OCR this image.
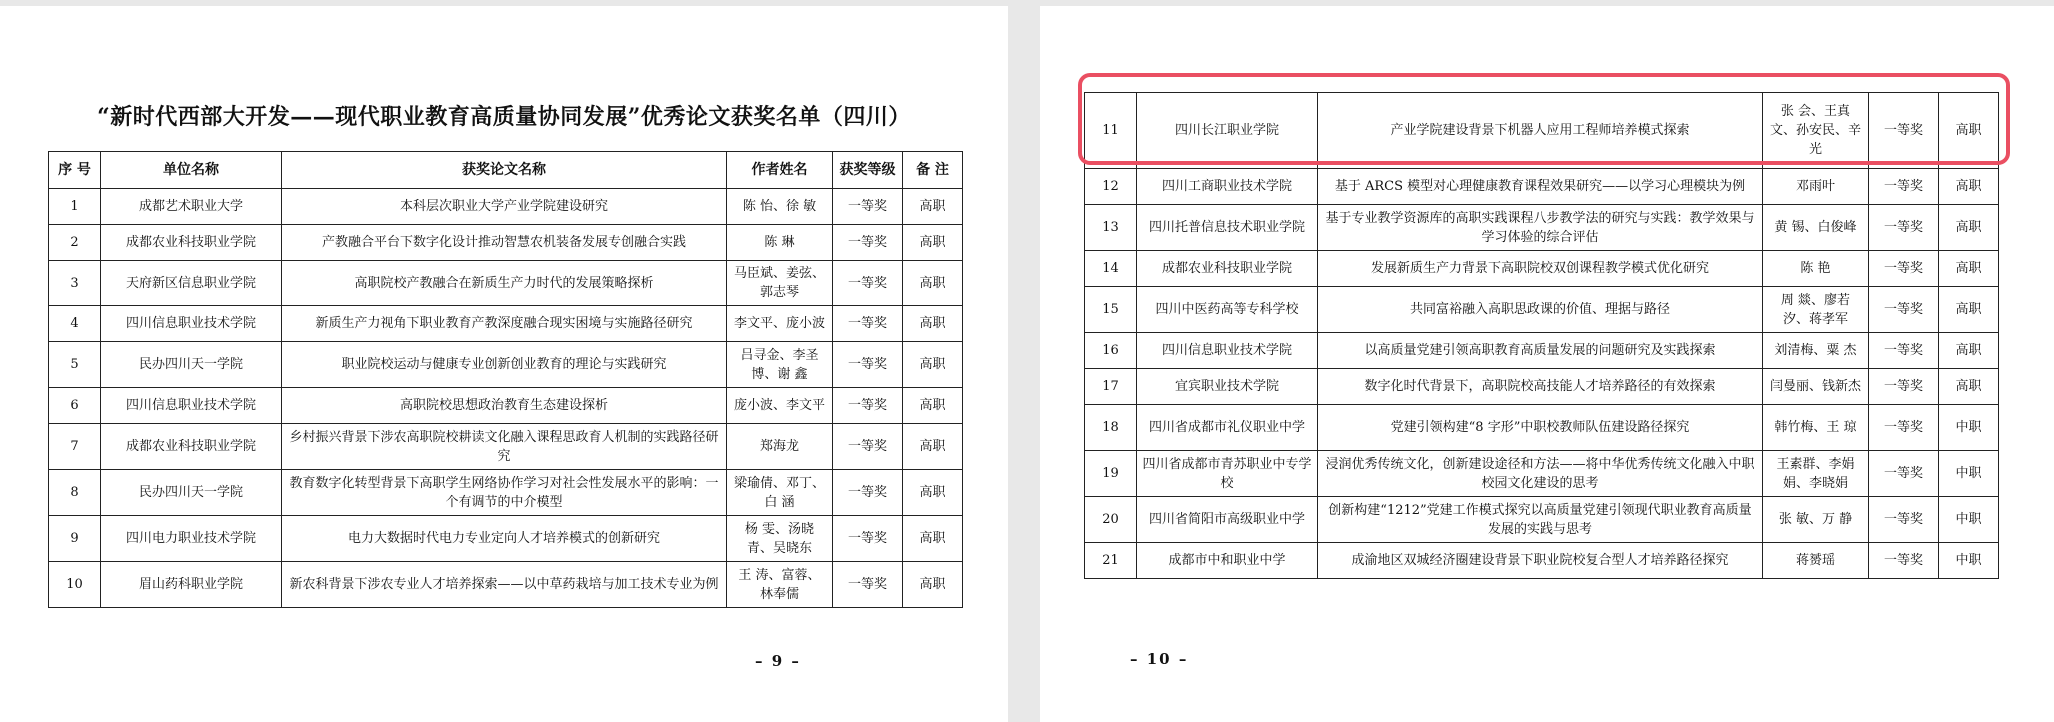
“新时代西部大开发——现代职业教育高质量协同发展”优秀论文获奖名单（四川）
序 号	单位名称	获奖论文名称	作者姓名	获奖等级	备 注
1	成都艺术职业大学	本科层次职业大学产业学院建设研究	陈 怡、徐 敏	一等奖	高职
2	成都农业科技职业学院	产教融合平台下数字化设计推动智慧农机装备发展专创融合实践	陈 琳	一等奖	高职
3	天府新区信息职业学院	高职院校产教融合在新质生产力时代的发展策略探析	马臣斌、姜弦、郭志琴	一等奖	高职
4	四川信息职业技术学院	新质生产力视角下职业教育产教深度融合现实困境与实施路径研究	李文平、庞小波	一等奖	高职
5	民办四川天一学院	职业院校运动与健康专业创新创业教育的理论与实践研究	吕寻金、李圣博、谢 鑫	一等奖	高职
6	四川信息职业技术学院	高职院校思想政治教育生态建设探析	庞小波、李文平	一等奖	高职
7	成都农业科技职业学院	乡村振兴背景下涉农高职院校耕读文化融入课程思政育人机制的实践路径研究	郑海龙	一等奖	高职
8	民办四川天一学院	教育数字化转型背景下高职学生网络协作学习对社会性发展水平的影响：一个有调节的中介模型	梁瑜倩、邓丁、白 涵	一等奖	高职
9	四川电力职业技术学院	电力大数据时代电力专业定向人才培养模式的创新研究	杨 雯、汤晓青、吴晓东	一等奖	高职
10	眉山药科职业学院	新农科背景下涉农专业人才培养探索——以中草药栽培与加工技术专业为例	王 涛、富蓉、林奉儒	一等奖	高职
– 9 –
11	四川长江职业学院	产业学院建设背景下机器人应用工程师培养模式探索	张 会、王真文、孙安民、辛光	一等奖	高职
12	四川工商职业技术学院	基于 ARCS 模型对心理健康教育课程效果研究——以学习心理模块为例	邓雨叶	一等奖	高职
13	四川托普信息技术职业学院	基于专业教学资源库的高职实践课程八步教学法的研究与实践：教学效果与学习体验的综合评估	黄 锡、白俊峰	一等奖	高职
14	成都农业科技职业学院	发展新质生产力背景下高职院校双创课程教学模式优化研究	陈 艳	一等奖	高职
15	四川中医药高等专科学校	共同富裕融入高职思政课的价值、理据与路径	周 燚、廖若汐、蒋孝军	一等奖	高职
16	四川信息职业技术学院	以高质量党建引领高职教育高质量发展的问题研究及实践探索	刘清梅、粟 杰	一等奖	高职
17	宜宾职业技术学院	数字化时代背景下，高职院校高技能人才培养路径的有效探索	闫曼丽、钱新杰	一等奖	高职
18	四川省成都市礼仪职业中学	党建引领构建“8 字形”中职校教师队伍建设路径探究	韩竹梅、王 琼	一等奖	中职
19	四川省成都市青苏职业中专学校	浸润优秀传统文化，创新建设途径和方法——将中华优秀传统文化融入中职校园文化建设的思考	王素群、李娟娟、李晓娟	一等奖	中职
20	四川省简阳市高级职业中学	创新构建“1212”党建工作模式探究以高质量党建引领现代职业教育高质量发展的实践与思考	张 敏、万 静	一等奖	中职
21	成都市中和职业中学	成渝地区双城经济圈建设背景下职业院校复合型人才培养路径探究	蒋赟瑶	一等奖	中职
– 10 –
